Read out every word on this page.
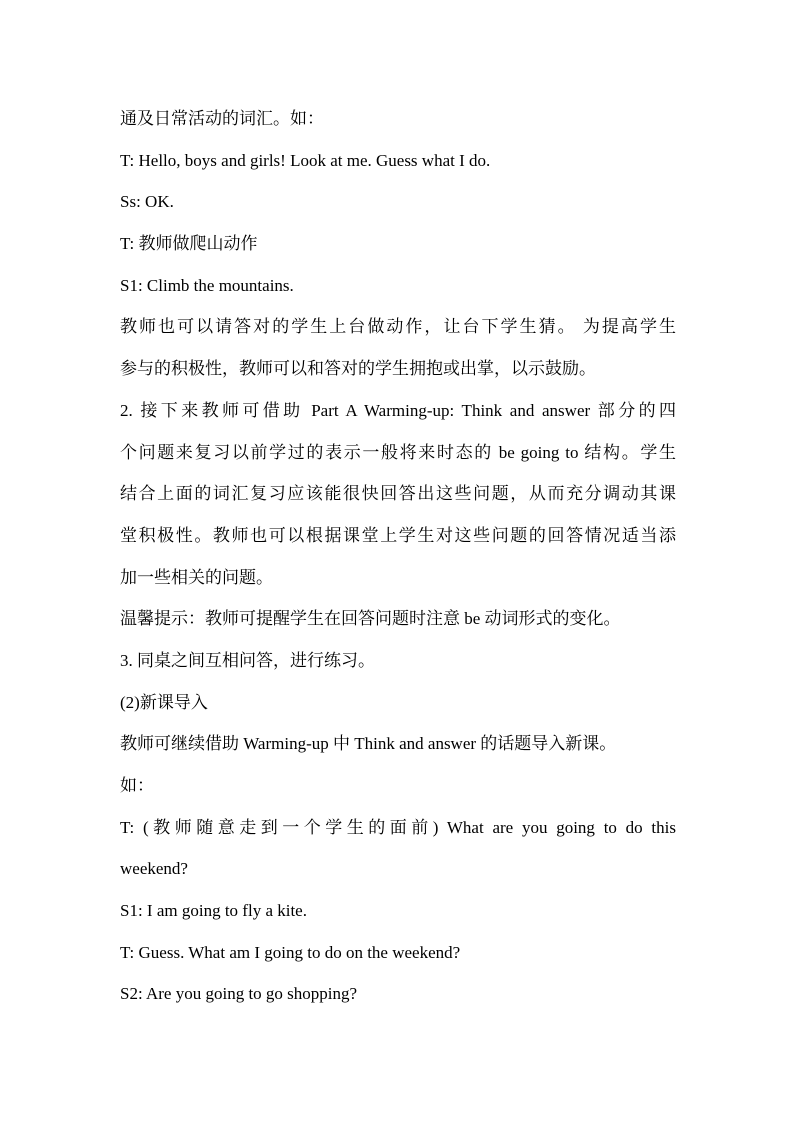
通及日常活动的词汇。如：
T: Hello, boys and girls! Look at me. Guess what I do.
Ss: OK.
T: 教师做爬山动作
S1: Climb the mountains.
教师也可以请答对的学生上台做动作，让台下学生猜。 为提高学生
参与的积极性，教师可以和答对的学生拥抱或出掌，以示鼓励。
2. 接下来教师可借助 Part A Warming-up: Think and answer 部分的四
个问题来复习以前学过的表示一般将来时态的 be going to 结构。学生
结合上面的词汇复习应该能很快回答出这些问题，从而充分调动其课
堂积极性。教师也可以根据课堂上学生对这些问题的回答情况适当添
加一些相关的问题。
温馨提示：教师可提醒学生在回答问题时注意 be 动词形式的变化。
3. 同桌之间互相问答，进行练习。
(2)新课导入
教师可继续借助 Warming-up 中 Think and answer 的话题导入新课。
如：
T: (教师随意走到一个学生的面前) What are you going to do this
weekend?
S1: I am going to fly a kite.
T: Guess. What am I going to do on the weekend?
S2: Are you going to go shopping?
